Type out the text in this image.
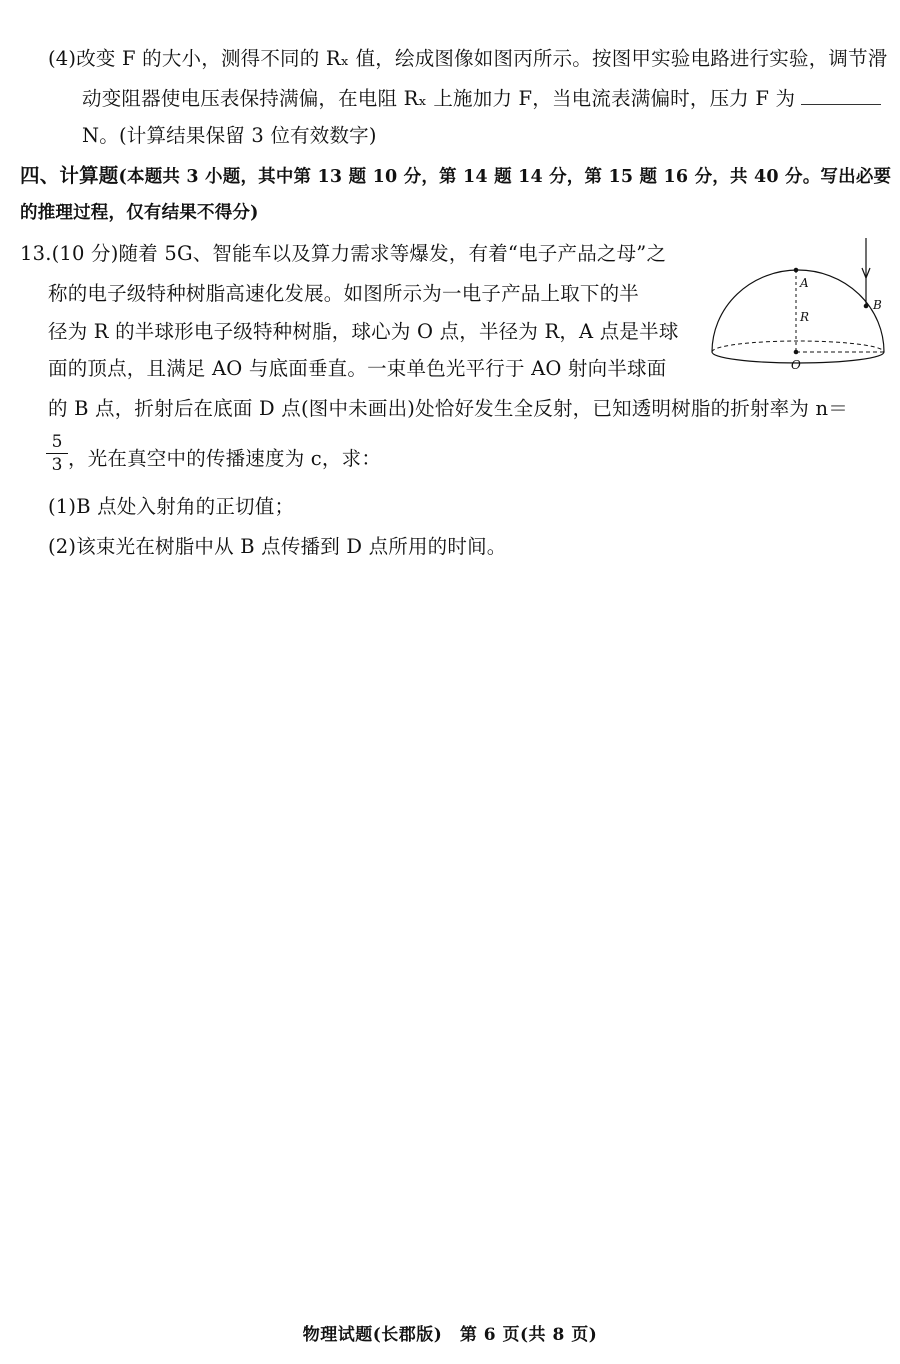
(4)改变 F 的大小，测得不同的 Rₓ 值，绘成图像如图丙所示。按图甲实验电路进行实验，调节滑
动变阻器使电压表保持满偏，在电阻 Rₓ 上施加力 F，当电流表满偏时，压力 F 为
N。(计算结果保留 3 位有效数字)
四、计算题(本题共 3 小题，其中第 13 题 10 分，第 14 题 14 分，第 15 题 16 分，共 40 分。写出必要
的推理过程，仅有结果不得分)
13.(10 分)随着 5G、智能车以及算力需求等爆发，有着“电子产品之母”之
称的电子级特种树脂高速化发展。如图所示为一电子产品上取下的半
径为 R 的半球形电子级特种树脂，球心为 O 点，半径为 R，A 点是半球
面的顶点，且满足 AO 与底面垂直。一束单色光平行于 AO 射向半球面
的 B 点，折射后在底面 D 点(图中未画出)处恰好发生全反射，已知透明树脂的折射率为 n＝
5
3 ，光在真空中的传播速度为 c，求：
(1)B 点处入射角的正切值；
(2)该束光在树脂中从 B 点传播到 D 点所用的时间。
A
R
B
O
物理试题(长郡版)　第 6 页(共 8 页)
